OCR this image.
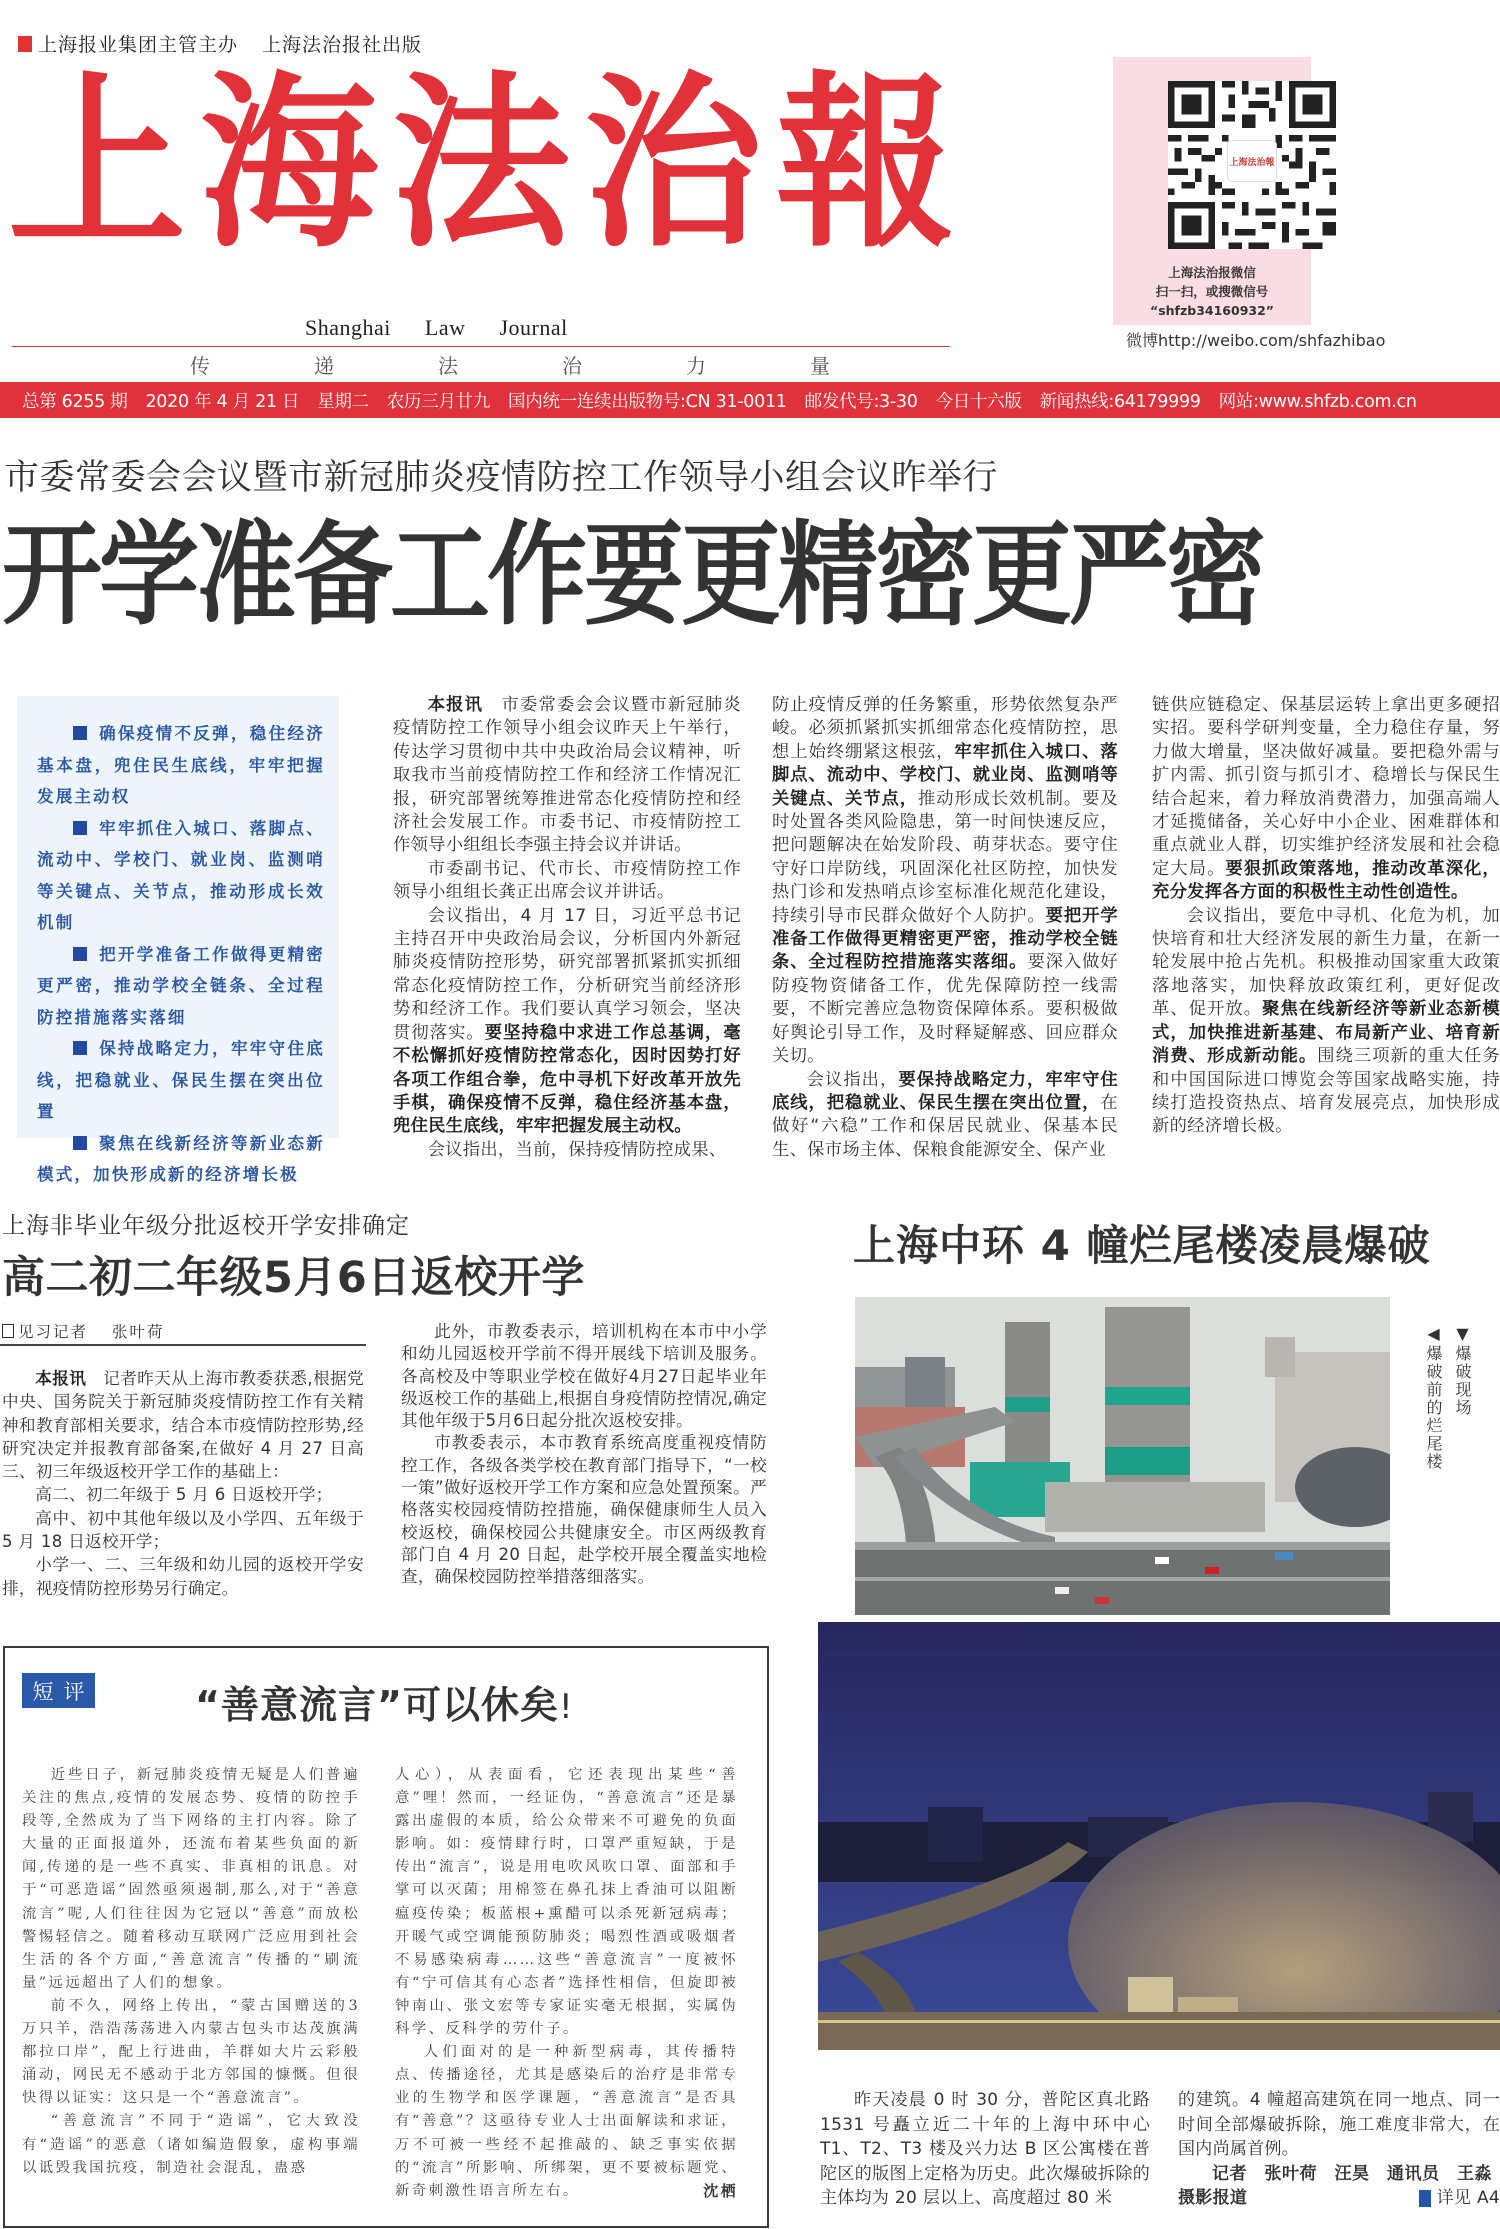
上海报业集团主管主办 上海法治报社出版
上海法治報
Shanghai Law Journal
传	递	法	治	力	量
上海法治報
上海法治报微信
扫一扫，或搜微信号
“shfzb34160932”
微博http://weibo.com/shfazhibao
总第 6255 期 2020 年 4 月 21 日 星期二 农历三月廿九 国内统一连续出版物号:CN 31-0011 邮发代号:3-30 今日十六版 新闻热线:64179999 网站:www.shfzb.com.cn
市委常委会会议暨市新冠肺炎疫情防控工作领导小组会议昨举行
开学准备工作要更精密更严密
确保疫情不反弹，稳住经济基本盘，兜住民生底线，牢牢把握发展主动权
牢牢抓住入城口、落脚点、流动中、学校门、就业岗、监测哨等关键点、关节点，推动形成长效机制
把开学准备工作做得更精密更严密，推动学校全链条、全过程防控措施落实落细
保持战略定力，牢牢守住底线，把稳就业、保民生摆在突出位置
聚焦在线新经济等新业态新模式，加快形成新的经济增长极

本报讯　市委常委会会议暨市新冠肺炎疫情防控工作领导小组会议昨天上午举行，传达学习贯彻中共中央政治局会议精神，听取我市当前疫情防控工作和经济工作情况汇报，研究部署统筹推进常态化疫情防控和经济社会发展工作。市委书记、市疫情防控工作领导小组组长李强主持会议并讲话。

市委副书记、代市长、市疫情防控工作领导小组组长龚正出席会议并讲话。

会议指出，4 月 17 日，习近平总书记主持召开中央政治局会议，分析国内外新冠肺炎疫情防控形势，研究部署抓紧抓实抓细常态化疫情防控工作，分析研究当前经济形势和经济工作。我们要认真学习领会，坚决贯彻落实。要坚持稳中求进工作总基调，毫不松懈抓好疫情防控常态化，因时因势打好各项工作组合拳，危中寻机下好改革开放先手棋，确保疫情不反弹，稳住经济基本盘，兜住民生底线，牢牢把握发展主动权。

会议指出，当前，保持疫情防控成果、

防止疫情反弹的任务繁重，形势依然复杂严峻。必须抓紧抓实抓细常态化疫情防控，思想上始终绷紧这根弦，牢牢抓住入城口、落脚点、流动中、学校门、就业岗、监测哨等关键点、关节点，推动形成长效机制。要及时处置各类风险隐患，第一时间快速反应，把问题解决在始发阶段、萌芽状态。要守住守好口岸防线，巩固深化社区防控，加快发热门诊和发热哨点诊室标准化规范化建设，持续引导市民群众做好个人防护。要把开学准备工作做得更精密更严密，推动学校全链条、全过程防控措施落实落细。要深入做好防疫物资储备工作，优先保障防控一线需要，不断完善应急物资保障体系。要积极做好舆论引导工作，及时释疑解惑、回应群众关切。

会议指出，要保持战略定力，牢牢守住底线，把稳就业、保民生摆在突出位置，在做好“六稳”工作和保居民就业、保基本民生、保市场主体、保粮食能源安全、保产业

链供应链稳定、保基层运转上拿出更多硬招实招。要科学研判变量，全力稳住存量，努力做大增量，坚决做好减量。要把稳外需与扩内需、抓引资与抓引才、稳增长与保民生结合起来，着力释放消费潜力，加强高端人才延揽储备，关心好中小企业、困难群体和重点就业人群，切实维护经济发展和社会稳定大局。要狠抓政策落地，推动改革深化，充分发挥各方面的积极性主动性创造性。

会议指出，要危中寻机、化危为机，加快培育和壮大经济发展的新生力量，在新一轮发展中抢占先机。积极推动国家重大政策落地落实，加快释放政策红利，更好促改革、促开放。聚焦在线新经济等新业态新模式，加快推进新基建、布局新产业、培育新消费、形成新动能。围绕三项新的重大任务和中国国际进口博览会等国家战略实施，持续打造投资热点、培育发展亮点，加快形成新的经济增长极。

上海非毕业年级分批返校开学安排确定
高二初二年级5月6日返校开学
见习记者 张叶荷

本报讯　记者昨天从上海市教委获悉,根据党中央、国务院关于新冠肺炎疫情防控工作有关精神和教育部相关要求，结合本市疫情防控形势,经研究决定并报教育部备案,在做好 4 月 27 日高三、初三年级返校开学工作的基础上：

高二、初二年级于 5 月 6 日返校开学；

高中、初中其他年级以及小学四、五年级于 5 月 18 日返校开学；

小学一、二、三年级和幼儿园的返校开学安排，视疫情防控形势另行确定。

此外，市教委表示，培训机构在本市中小学和幼儿园返校开学前不得开展线下培训及服务。各高校及中等职业学校在做好4月27日起毕业年级返校工作的基础上,根据自身疫情防控情况,确定其他年级于5月6日起分批次返校安排。

市教委表示，本市教育系统高度重视疫情防控工作，各级各类学校在教育部门指导下，“一校一策”做好返校开学工作方案和应急处置预案。严格落实校园疫情防控措施，确保健康师生人员入校返校，确保校园公共健康安全。市区两级教育部门自 4 月 20 日起，赴学校开展全覆盖实地检查，确保校园防控举措落细落实。

上海中环 4 幢烂尾楼凌晨爆破
▼爆破现场
◀爆破前的烂尾楼

昨天凌晨 0 时 30 分，普陀区真北路 1531 号矗立近二十年的上海中环中心 T1、T2、T3 楼及兴力达 B 区公寓楼在普陀区的版图上定格为历史。此次爆破拆除的主体均为 20 层以上、高度超过 80 米

的建筑。4 幢超高建筑在同一地点、同一时间全部爆破拆除，施工难度非常大，在国内尚属首例。

记者　张叶荷　汪昊　通讯员　王淼

摄影报道	详见 A4

短评	“善意流言”可以休矣!

近些日子，新冠肺炎疫情无疑是人们普遍关注的焦点,疫情的发展态势、疫情的防控手段等,全然成为了当下网络的主打内容。除了大量的正面报道外，还流布着某些负面的新闻,传递的是一些不真实、非真相的讯息。对于“可恶造谣”固然亟须遏制,那么,对于“善意流言”呢,人们往往因为它冠以“善意”而放松警惕轻信之。随着移动互联网广泛应用到社会生活的各个方面,“善意流言”传播的“刷流量”远远超出了人们的想象。

前不久，网络上传出，“蒙古国赠送的3 万只羊，浩浩荡荡进入内蒙古包头市达茂旗满都拉口岸”，配上行进曲，羊群如大片云彩般涌动，网民无不感动于北方邻国的慷慨。但很快得以证实：这只是一个“善意流言”。

“善意流言”不同于“造谣”，它大致没有“造谣”的恶意（诸如编造假象，虚构事端以诋毁我国抗疫，制造社会混乱，蛊惑

人心），从表面看，它还表现出某些“善意”哩！然而，一经证伪，“善意流言”还是暴露出虚假的本质，给公众带来不可避免的负面影响。如：疫情肆行时，口罩严重短缺，于是传出“流言”，说是用电吹风吹口罩、面部和手掌可以灭菌；用棉签在鼻孔抹上香油可以阻断瘟疫传染；板蓝根+熏醋可以杀死新冠病毒；开暖气或空调能预防肺炎；喝烈性酒或吸烟者不易感染病毒……这些“善意流言”一度被怀有“宁可信其有心态者”选择性相信，但旋即被钟南山、张文宏等专家证实毫无根据，实属伪科学、反科学的劳什子。

人们面对的是一种新型病毒，其传播特点、传播途径，尤其是感染后的治疗是非常专业的生物学和医学课题，“善意流言”是否具有“善意”？这亟待专业人士出面解读和求证，万不可被一些经不起推敲的、缺乏事实依据的“流言”所影响、所绑架，更不要被标题党、新奇刺激性语言所左右。	沈栖
